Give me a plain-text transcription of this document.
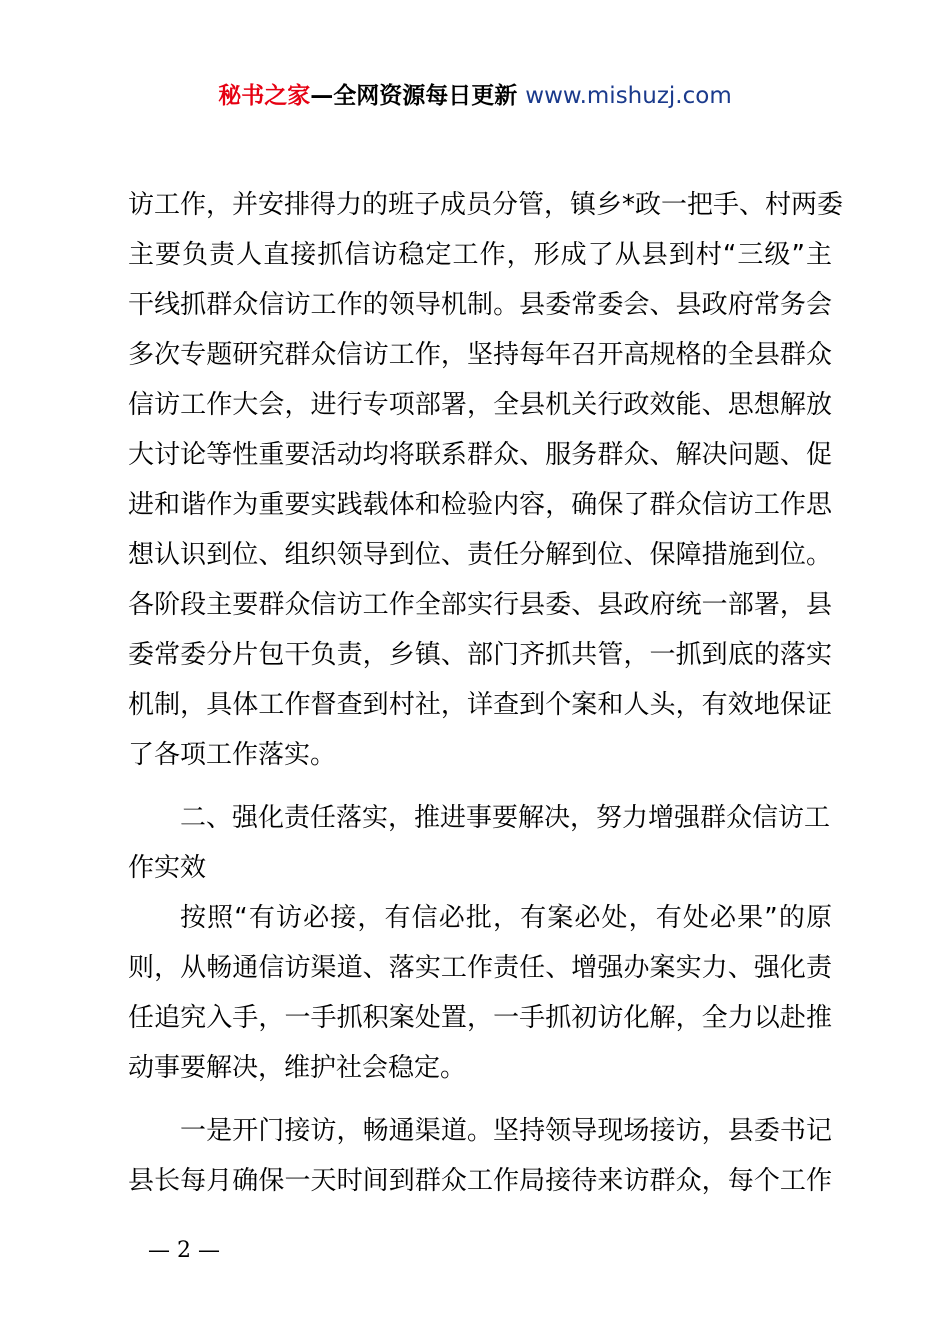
秘书之家—全网资源每日更新 www.mishuzj.com
访工作，并安排得力的班子成员分管，镇乡*政一把手、村两委
主要负责人直接抓信访稳定工作，形成了从县到村“三级”主
干线抓群众信访工作的领导机制。县委常委会、县政府常务会
多次专题研究群众信访工作，坚持每年召开高规格的全县群众
信访工作大会，进行专项部署，全县机关行政效能、思想解放
大讨论等性重要活动均将联系群众、服务群众、解决问题、促
进和谐作为重要实践载体和检验内容，确保了群众信访工作思
想认识到位、组织领导到位、责任分解到位、保障措施到位。
各阶段主要群众信访工作全部实行县委、县政府统一部署，县
委常委分片包干负责，乡镇、部门齐抓共管，一抓到底的落实
机制，具体工作督查到村社，详查到个案和人头，有效地保证
了各项工作落实。
二、强化责任落实，推进事要解决，努力增强群众信访工
作实效
按照“有访必接，有信必批，有案必处，有处必果”的原
则，从畅通信访渠道、落实工作责任、增强办案实力、强化责
任追究入手，一手抓积案处置，一手抓初访化解，全力以赴推
动事要解决，维护社会稳定。
一是开门接访，畅通渠道。坚持领导现场接访，县委书记
县长每月确保一天时间到群众工作局接待来访群众，每个工作
— 2 —
